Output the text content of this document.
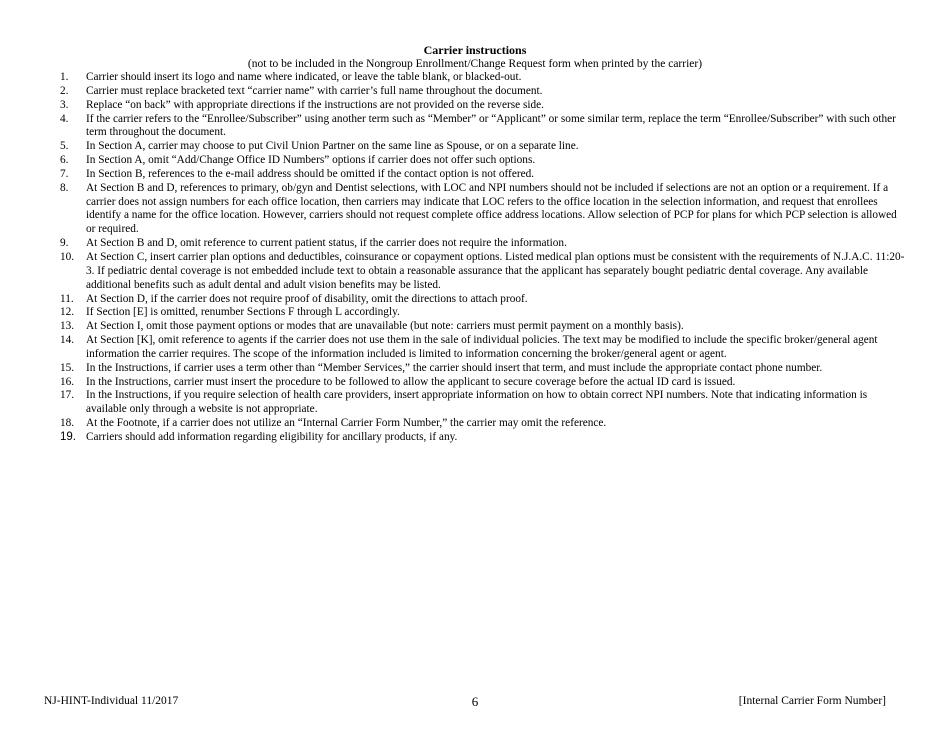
Carrier instructions
(not to be included in the Nongroup Enrollment/Change Request form when printed by the carrier)
1.	Carrier should insert its logo and name where indicated, or leave the table blank, or blacked-out.
2.	Carrier must replace bracketed text “carrier name” with carrier’s full name throughout the document.
3.	Replace “on back” with appropriate directions if the instructions are not provided on the reverse side.
4.	If the carrier refers to the “Enrollee/Subscriber” using another term such as “Member” or “Applicant” or some similar term, replace the term “Enrollee/Subscriber” with such other term throughout the document.
5.	In Section A, carrier may choose to put Civil Union Partner on the same line as Spouse, or on a separate line.
6.	In Section A, omit “Add/Change Office ID Numbers” options if carrier does not offer such options.
7.	In Section B, references to the e-mail address should be omitted if the contact option is not offered.
8.	At Section B and D, references to primary, ob/gyn and Dentist selections, with LOC and NPI numbers should not be included if selections are not an option or a requirement. If a carrier does not assign numbers for each office location, then carriers may indicate that LOC refers to the office location in the selection information, and request that enrollees identify a name for the office location. However, carriers should not request complete office address locations. Allow selection of PCP for plans for which PCP selection is allowed or required.
9.	At Section B and D, omit reference to current patient status, if the carrier does not require the information.
10.	At Section C, insert carrier plan options and deductibles, coinsurance or copayment options. Listed medical plan options must be consistent with the requirements of N.J.A.C. 11:20-3. If pediatric dental coverage is not embedded include text to obtain a reasonable assurance that the applicant has separately bought pediatric dental coverage. Any available additional benefits such as adult dental and adult vision benefits may be listed.
11.	At Section D, if the carrier does not require proof of disability, omit the directions to attach proof.
12.	If Section [E] is omitted, renumber Sections F through L accordingly.
13.	At Section I, omit those payment options or modes that are unavailable (but note: carriers must permit payment on a monthly basis).
14.	At Section [K], omit reference to agents if the carrier does not use them in the sale of individual policies. The text may be modified to include the specific broker/general agent information the carrier requires. The scope of the information included is limited to information concerning the broker/general agent or agent.
15.	In the Instructions, if carrier uses a term other than “Member Services,” the carrier should insert that term, and must include the appropriate contact phone number.
16.	In the Instructions, carrier must insert the procedure to be followed to allow the applicant to secure coverage before the actual ID card is issued.
17.	In the Instructions, if you require selection of health care providers, insert appropriate information on how to obtain correct NPI numbers. Note that indicating information is available only through a website is not appropriate.
18.	At the Footnote, if a carrier does not utilize an “Internal Carrier Form Number,” the carrier may omit the reference.
19. Carriers should add information regarding eligibility for ancillary products, if any.
NJ-HINT-Individual 11/2017	6	[Internal Carrier Form Number]
